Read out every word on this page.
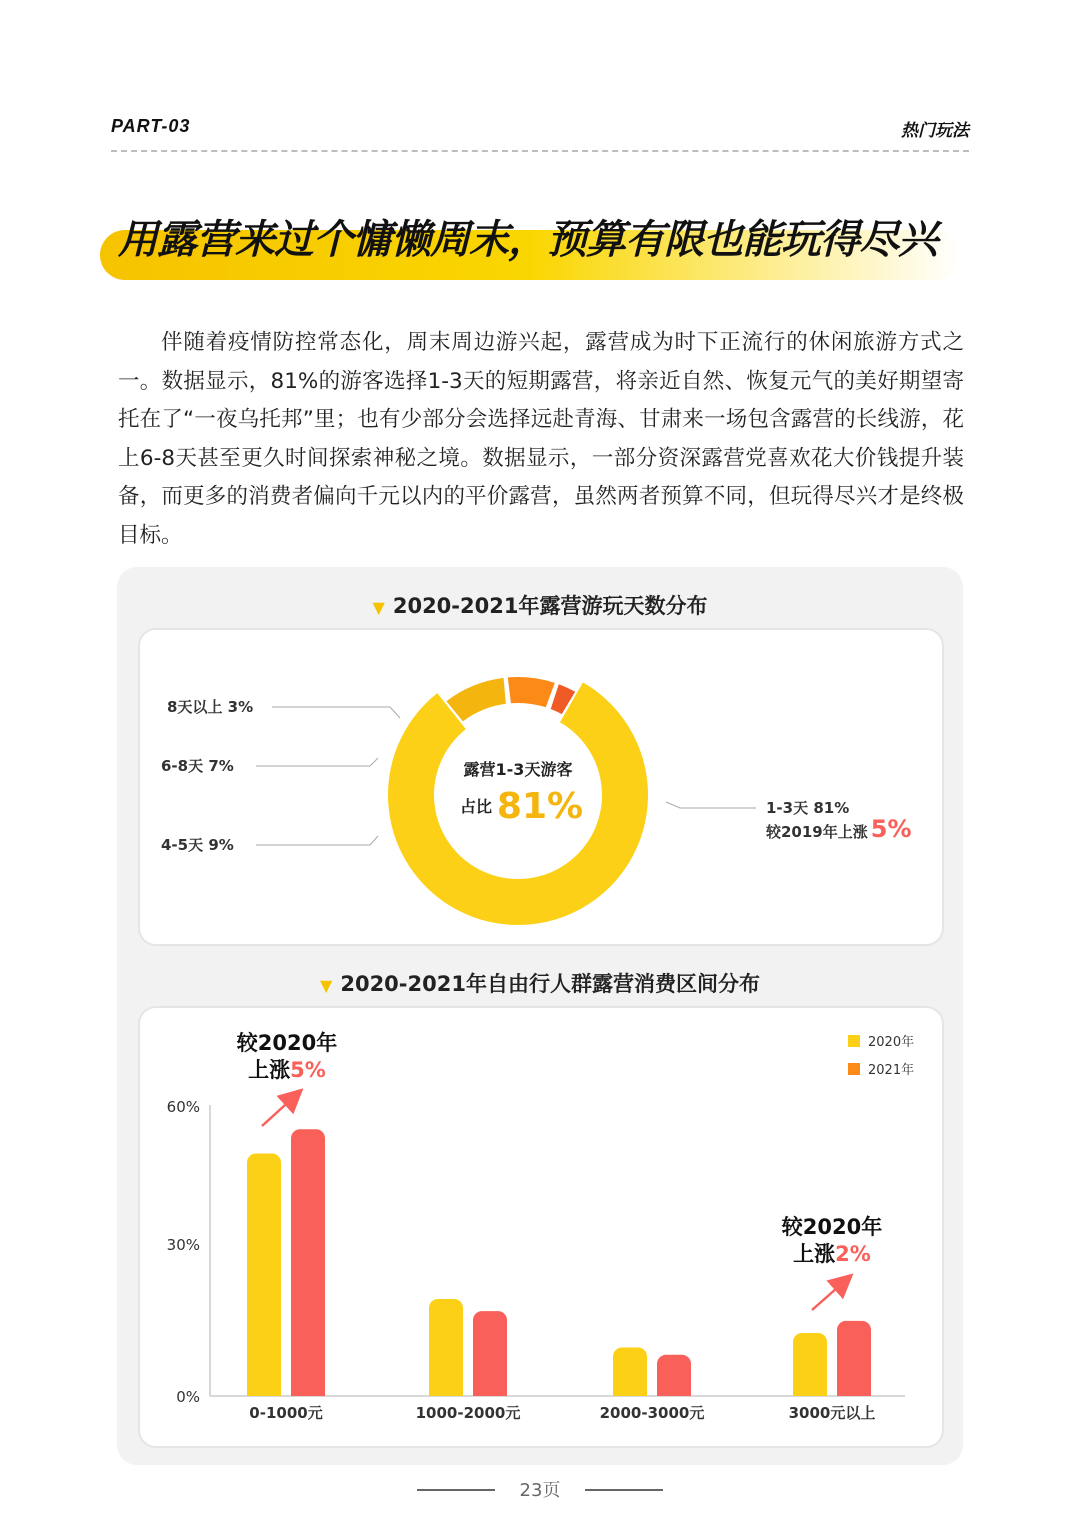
PART-03	热门玩法
用露营来过个慵懒周末，预算有限也能玩得尽兴

伴随着疫情防控常态化，周末周边游兴起，露营成为时下正流行的休闲旅游方式之一。数据显示，81%的游客选择1-3天的短期露营，将亲近自然、恢复元气的美好期望寄托在了“一夜乌托邦”里；也有少部分会选择远赴青海、甘肃来一场包含露营的长线游，花上6-8天甚至更久时间探索神秘之境。数据显示，一部分资深露营党喜欢花大价钱提升装备，而更多的消费者偏向千元以内的平价露营，虽然两者预算不同，但玩得尽兴才是终极目标。

▼ 2020-2021年露营游玩天数分布
▼ 2020-2021年自由行人群露营消费区间分布
露营1-3天游客
占比 81%
8天以上 3%
6-8天 7%
4-5天 9%
1-3天 81%
较2019年上涨 5%
60%
30%
0%
0-1000元	1000-2000元	2000-3000元	3000元以上
2020年
2021年
较2020年
上涨5%
较2020年
上涨2%
23页
